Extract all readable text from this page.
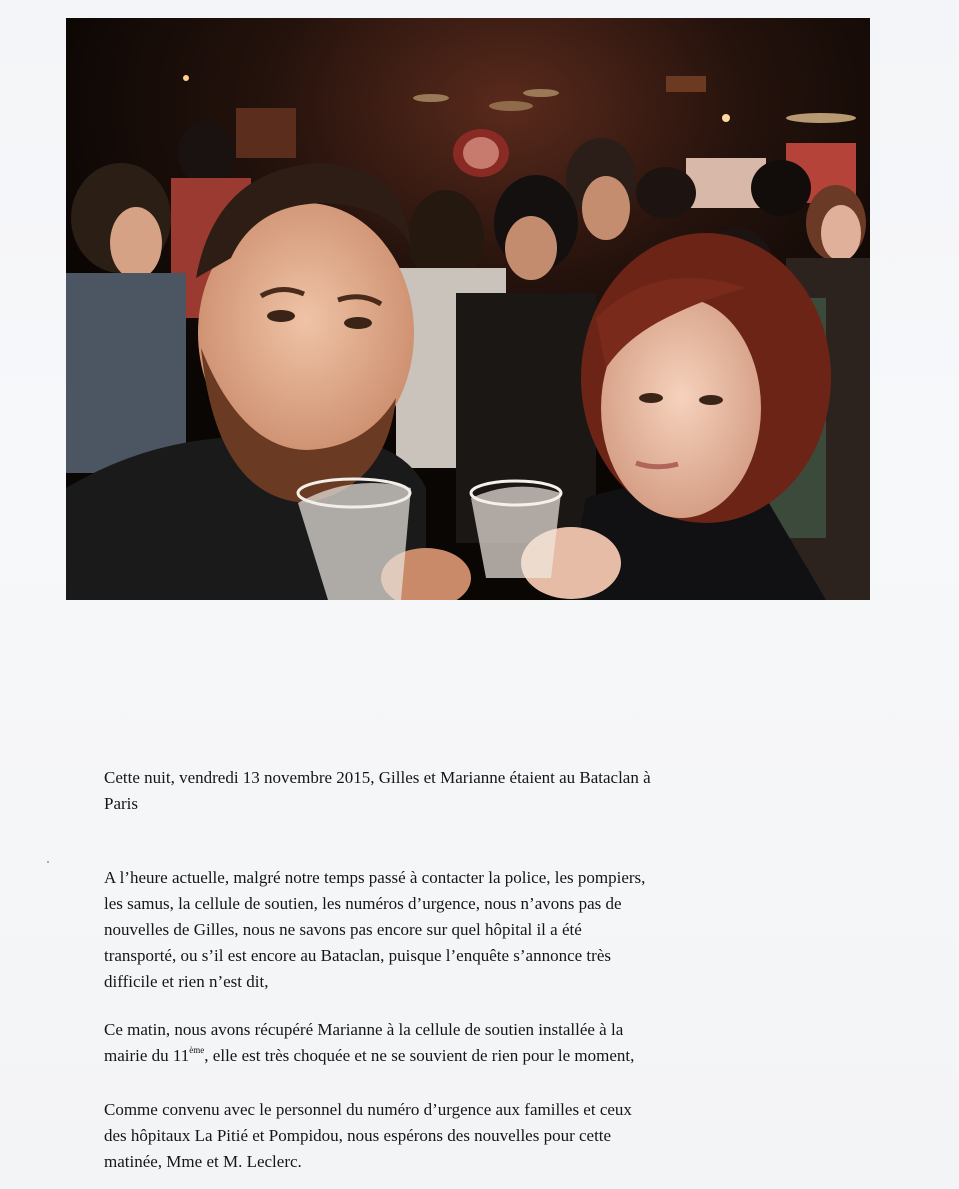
Cette nuit, vendredi 13 novembre 2015, Gilles et Marianne étaient au Bataclan à
Paris

A l’heure actuelle, malgré notre temps passé à contacter la police, les pompiers,
les samus, la cellule de soutien, les numéros d’urgence, nous n’avons pas de
nouvelles de Gilles, nous ne savons pas encore sur quel hôpital il a été
transporté, ou s’il est encore au Bataclan, puisque l’enquête s’annonce très
difficile et rien n’est dit,

Ce matin, nous avons récupéré Marianne à la cellule de soutien installée à la
mairie du 11ème, elle est très choquée et ne se souvient de rien pour le moment,

Comme convenu avec le personnel du numéro d’urgence aux familles et ceux
des hôpitaux La Pitié et Pompidou, nous espérons des nouvelles pour cette
matinée, Mme et M. Leclerc.
